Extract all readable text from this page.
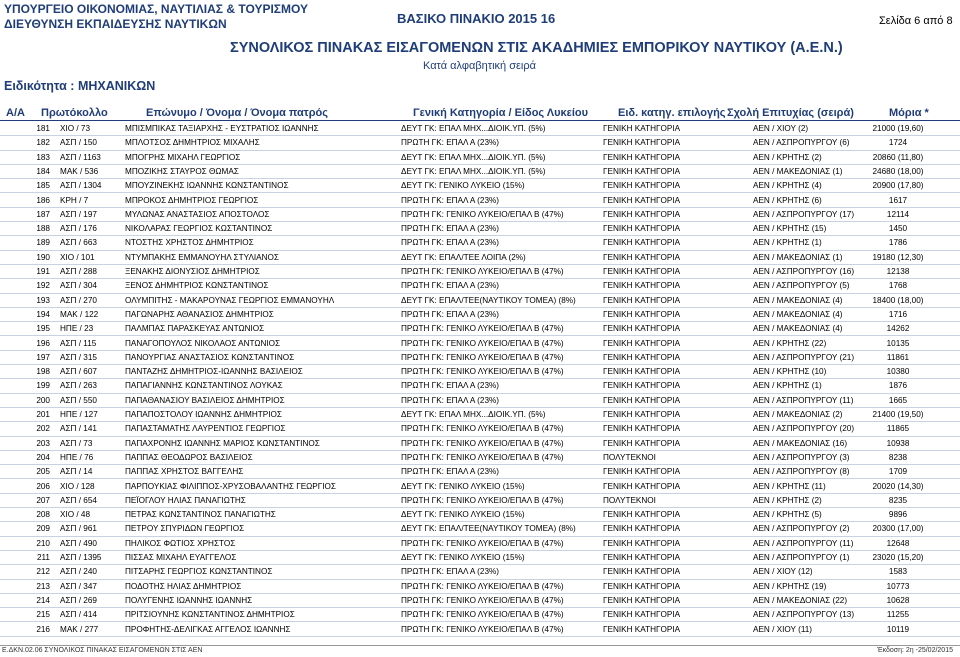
ΥΠΟΥΡΓΕΙΟ ΟΙΚΟΝΟΜΙΑΣ, ΝΑΥΤΙΛΙΑΣ & ΤΟΥΡΙΣΜΟΥ
ΔΙΕΥΘΥΝΣΗ ΕΚΠΑΙΔΕΥΣΗΣ ΝΑΥΤΙΚΩΝ	ΒΑΣΙΚΟ ΠΙΝΑΚΙΟ 2015 16	Σελίδα 6 από 8
ΣΥΝΟΛΙΚΟΣ ΠΙΝΑΚΑΣ ΕΙΣΑΓΟΜΕΝΩΝ ΣΤΙΣ ΑΚΑΔΗΜΙΕΣ ΕΜΠΟΡΙΚΟΥ ΝΑΥΤΙΚΟΥ (Α.Ε.Ν.)
Κατά αλφαβητική σειρά
Ειδικότητα : ΜΗΧΑΝΙΚΩΝ
Α/Α Πρωτόκολλο	Επώνυμο / Όνομα / Όνομα πατρός	Γενική Κατηγορία / Είδος Λυκείου	Ειδ. κατηγ. επιλογής Σχολή Επιτυχίας (σειρά)	Μόρια *
181 ΧΙΟ / 73	ΜΠΙΣΜΠΙΚΑΣ ΤΑΞΙΑΡΧΗΣ - ΕΥΣΤΡΑΤΙΟΣ ΙΩΑΝΝΗΣ	ΔΕΥΤ ΓΚ: ΕΠΑΛ ΜΗΧ...ΔΙΟΙΚ.ΥΠ. (5%)	ΓΕΝΙΚΗ ΚΑΤΗΓΟΡΙΑ	ΑΕΝ / ΧΙΟΥ (2)	21000 (19,60)
182 ΑΣΠ / 150	ΜΠΛΟΤΣΟΣ ΔΗΜΗΤΡΙΟΣ ΜΙΧΑΛΗΣ	ΠΡΩΤΗ ΓΚ: ΕΠΑΛ Α (23%)	ΓΕΝΙΚΗ ΚΑΤΗΓΟΡΙΑ	ΑΕΝ / ΑΣΠΡΟΠΥΡΓΟΥ (6)	1724
183 ΑΣΠ / 1163	ΜΠΟΓΡΗΣ ΜΙΧΑΗΛ ΓΕΩΡΓΙΟΣ	ΔΕΥΤ ΓΚ: ΕΠΑΛ ΜΗΧ...ΔΙΟΙΚ.ΥΠ. (5%)	ΓΕΝΙΚΗ ΚΑΤΗΓΟΡΙΑ	ΑΕΝ / ΚΡΗΤΗΣ (2)	20860 (11,80)
184 ΜΑΚ / 536	ΜΠΟΖΙΚΗΣ ΣΤΑΥΡΟΣ ΘΩΜΑΣ	ΔΕΥΤ ΓΚ: ΕΠΑΛ ΜΗΧ...ΔΙΟΙΚ.ΥΠ. (5%)	ΓΕΝΙΚΗ ΚΑΤΗΓΟΡΙΑ	ΑΕΝ / ΜΑΚΕΔΟΝΙΑΣ (1)	24680 (18,00)
185 ΑΣΠ / 1304	ΜΠΟΥΖΙΝΕΚΗΣ ΙΩΑΝΝΗΣ ΚΩΝΣΤΑΝΤΙΝΟΣ	ΔΕΥΤ ΓΚ: ΓΕΝΙΚΟ ΛΥΚΕΙΟ (15%)	ΓΕΝΙΚΗ ΚΑΤΗΓΟΡΙΑ	ΑΕΝ / ΚΡΗΤΗΣ (4)	20900 (17,80)
186 ΚΡΗ / 7	ΜΠΡΟΚΟΣ ΔΗΜΗΤΡΙΟΣ ΓΕΩΡΓΙΟΣ	ΠΡΩΤΗ ΓΚ: ΕΠΑΛ Α (23%)	ΓΕΝΙΚΗ ΚΑΤΗΓΟΡΙΑ	ΑΕΝ / ΚΡΗΤΗΣ (6)	1617
187 ΑΣΠ / 197	ΜΥΛΩΝΑΣ ΑΝΑΣΤΑΣΙΟΣ ΑΠΟΣΤΟΛΟΣ	ΠΡΩΤΗ ΓΚ: ΓΕΝΙΚΟ ΛΥΚΕΙΟ/ΕΠΑΛ Β (47%)	ΓΕΝΙΚΗ ΚΑΤΗΓΟΡΙΑ	ΑΕΝ / ΑΣΠΡΟΠΥΡΓΟΥ (17)	12114
188 ΑΣΠ / 176	ΝΙΚΟΛΑΡΑΣ ΓΕΩΡΓΙΟΣ ΚΩΣΤΑΝΤΙΝΟΣ	ΠΡΩΤΗ ΓΚ: ΕΠΑΛ Α (23%)	ΓΕΝΙΚΗ ΚΑΤΗΓΟΡΙΑ	ΑΕΝ / ΚΡΗΤΗΣ (15)	1450
189 ΑΣΠ / 663	ΝΤΟΣΤΗΣ ΧΡΗΣΤΟΣ ΔΗΜΗΤΡΙΟΣ	ΠΡΩΤΗ ΓΚ: ΕΠΑΛ Α (23%)	ΓΕΝΙΚΗ ΚΑΤΗΓΟΡΙΑ	ΑΕΝ / ΚΡΗΤΗΣ (1)	1786
190 ΧΙΟ / 101	ΝΤΥΜΠΑΚΗΣ ΕΜΜΑΝΟΥΗΛ ΣΤΥΛΙΑΝΟΣ	ΔΕΥΤ ΓΚ: ΕΠΑΛ/ΤΕΕ ΛΟΙΠΑ (2%)	ΓΕΝΙΚΗ ΚΑΤΗΓΟΡΙΑ	ΑΕΝ / ΜΑΚΕΔΟΝΙΑΣ (1)	19180 (12,30)
191 ΑΣΠ / 288	ΞΕΝΑΚΗΣ ΔΙΟΝΥΣΙΟΣ ΔΗΜΗΤΡΙΟΣ	ΠΡΩΤΗ ΓΚ: ΓΕΝΙΚΟ ΛΥΚΕΙΟ/ΕΠΑΛ Β (47%)	ΓΕΝΙΚΗ ΚΑΤΗΓΟΡΙΑ	ΑΕΝ / ΑΣΠΡΟΠΥΡΓΟΥ (16)	12138
192 ΑΣΠ / 304	ΞΕΝΟΣ ΔΗΜΗΤΡΙΟΣ ΚΩΝΣΤΑΝΤΙΝΟΣ	ΠΡΩΤΗ ΓΚ: ΕΠΑΛ Α (23%)	ΓΕΝΙΚΗ ΚΑΤΗΓΟΡΙΑ	ΑΕΝ / ΑΣΠΡΟΠΥΡΓΟΥ (5)	1768
193 ΑΣΠ / 270	ΟΛΥΜΠΙΤΗΣ - ΜΑΚΑΡΟΥΝΑΣ ΓΕΩΡΓΙΟΣ ΕΜΜΑΝΟΥΗΛ	ΔΕΥΤ ΓΚ: ΕΠΑΛ/ΤΕΕ(ΝΑΥΤΙΚΟΥ ΤΟΜΕΑ) (8%)	ΓΕΝΙΚΗ ΚΑΤΗΓΟΡΙΑ	ΑΕΝ / ΜΑΚΕΔΟΝΙΑΣ (4)	18400 (18,00)
194 ΜΑΚ / 122	ΠΑΓΩΝΑΡΗΣ ΑΘΑΝΑΣΙΟΣ ΔΗΜΗΤΡΙΟΣ	ΠΡΩΤΗ ΓΚ: ΕΠΑΛ Α (23%)	ΓΕΝΙΚΗ ΚΑΤΗΓΟΡΙΑ	ΑΕΝ / ΜΑΚΕΔΟΝΙΑΣ (4)	1716
195 ΗΠΕ / 23	ΠΑΛΜΠΑΣ ΠΑΡΑΣΚΕΥΑΣ ΑΝΤΩΝΙΟΣ	ΠΡΩΤΗ ΓΚ: ΓΕΝΙΚΟ ΛΥΚΕΙΟ/ΕΠΑΛ Β (47%)	ΓΕΝΙΚΗ ΚΑΤΗΓΟΡΙΑ	ΑΕΝ / ΜΑΚΕΔΟΝΙΑΣ (4)	14262
196 ΑΣΠ / 115	ΠΑΝΑΓΟΠΟΥΛΟΣ ΝΙΚΟΛΑΟΣ ΑΝΤΩΝΙΟΣ	ΠΡΩΤΗ ΓΚ: ΓΕΝΙΚΟ ΛΥΚΕΙΟ/ΕΠΑΛ Β (47%)	ΓΕΝΙΚΗ ΚΑΤΗΓΟΡΙΑ	ΑΕΝ / ΚΡΗΤΗΣ (22)	10135
197 ΑΣΠ / 315	ΠΑΝΟΥΡΓΙΑΣ ΑΝΑΣΤΑΣΙΟΣ ΚΩΝΣΤΑΝΤΙΝΟΣ	ΠΡΩΤΗ ΓΚ: ΓΕΝΙΚΟ ΛΥΚΕΙΟ/ΕΠΑΛ Β (47%)	ΓΕΝΙΚΗ ΚΑΤΗΓΟΡΙΑ	ΑΕΝ / ΑΣΠΡΟΠΥΡΓΟΥ (21)	11861
198 ΑΣΠ / 607	ΠΑΝΤΑΖΗΣ ΔΗΜΗΤΡΙΟΣ-ΙΩΑΝΝΗΣ ΒΑΣΙΛΕΙΟΣ	ΠΡΩΤΗ ΓΚ: ΓΕΝΙΚΟ ΛΥΚΕΙΟ/ΕΠΑΛ Β (47%)	ΓΕΝΙΚΗ ΚΑΤΗΓΟΡΙΑ	ΑΕΝ / ΚΡΗΤΗΣ (10)	10380
199 ΑΣΠ / 263	ΠΑΠΑΓΙΑΝΝΗΣ ΚΩΝΣΤΑΝΤΙΝΟΣ ΛΟΥΚΑΣ	ΠΡΩΤΗ ΓΚ: ΕΠΑΛ Α (23%)	ΓΕΝΙΚΗ ΚΑΤΗΓΟΡΙΑ	ΑΕΝ / ΚΡΗΤΗΣ (1)	1876
200 ΑΣΠ / 550	ΠΑΠΑΘΑΝΑΣΙΟΥ ΒΑΣΙΛΕΙΟΣ ΔΗΜΗΤΡΙΟΣ	ΠΡΩΤΗ ΓΚ: ΕΠΑΛ Α (23%)	ΓΕΝΙΚΗ ΚΑΤΗΓΟΡΙΑ	ΑΕΝ / ΑΣΠΡΟΠΥΡΓΟΥ (11)	1665
201 ΗΠΕ / 127	ΠΑΠΑΠΟΣΤΟΛΟΥ ΙΩΑΝΝΗΣ ΔΗΜΗΤΡΙΟΣ	ΔΕΥΤ ΓΚ: ΕΠΑΛ ΜΗΧ...ΔΙΟΙΚ.ΥΠ. (5%)	ΓΕΝΙΚΗ ΚΑΤΗΓΟΡΙΑ	ΑΕΝ / ΜΑΚΕΔΟΝΙΑΣ (2)	21400 (19,50)
202 ΑΣΠ / 141	ΠΑΠΑΣΤΑΜΑΤΗΣ ΛΑΥΡΕΝΤΙΟΣ ΓΕΩΡΓΙΟΣ	ΠΡΩΤΗ ΓΚ: ΓΕΝΙΚΟ ΛΥΚΕΙΟ/ΕΠΑΛ Β (47%)	ΓΕΝΙΚΗ ΚΑΤΗΓΟΡΙΑ	ΑΕΝ / ΑΣΠΡΟΠΥΡΓΟΥ (20)	11865
203 ΑΣΠ / 73	ΠΑΠΑΧΡΟΝΗΣ ΙΩΑΝΝΗΣ ΜΑΡΙΟΣ ΚΩΝΣΤΑΝΤΙΝΟΣ	ΠΡΩΤΗ ΓΚ: ΓΕΝΙΚΟ ΛΥΚΕΙΟ/ΕΠΑΛ Β (47%)	ΓΕΝΙΚΗ ΚΑΤΗΓΟΡΙΑ	ΑΕΝ / ΜΑΚΕΔΟΝΙΑΣ (16)	10938
204 ΗΠΕ / 76	ΠΑΠΠΑΣ ΘΕΟΔΩΡΟΣ ΒΑΣΙΛΕΙΟΣ	ΠΡΩΤΗ ΓΚ: ΓΕΝΙΚΟ ΛΥΚΕΙΟ/ΕΠΑΛ Β (47%)	ΠΟΛΥΤΕΚΝΟΙ	ΑΕΝ / ΑΣΠΡΟΠΥΡΓΟΥ (3)	8238
205 ΑΣΠ / 14	ΠΑΠΠΑΣ ΧΡΗΣΤΟΣ ΒΑΓΓΕΛΗΣ	ΠΡΩΤΗ ΓΚ: ΕΠΑΛ Α (23%)	ΓΕΝΙΚΗ ΚΑΤΗΓΟΡΙΑ	ΑΕΝ / ΑΣΠΡΟΠΥΡΓΟΥ (8)	1709
206 ΧΙΟ / 128	ΠΑΡΠΟΥΚΙΑΣ ΦΙΛΙΠΠΟΣ-ΧΡΥΣΟΒΑΛΑΝΤΗΣ ΓΕΩΡΓΙΟΣ	ΔΕΥΤ ΓΚ: ΓΕΝΙΚΟ ΛΥΚΕΙΟ (15%)	ΓΕΝΙΚΗ ΚΑΤΗΓΟΡΙΑ	ΑΕΝ / ΚΡΗΤΗΣ (11)	20020 (14,30)
207 ΑΣΠ / 654	ΠΕΪΟΓΛΟΥ ΗΛΙΑΣ ΠΑΝΑΓΙΩΤΗΣ	ΠΡΩΤΗ ΓΚ: ΓΕΝΙΚΟ ΛΥΚΕΙΟ/ΕΠΑΛ Β (47%)	ΠΟΛΥΤΕΚΝΟΙ	ΑΕΝ / ΚΡΗΤΗΣ (2)	8235
208 ΧΙΟ / 48	ΠΕΤΡΑΣ ΚΩΝΣΤΑΝΤΙΝΟΣ ΠΑΝΑΓΙΩΤΗΣ	ΔΕΥΤ ΓΚ: ΓΕΝΙΚΟ ΛΥΚΕΙΟ (15%)	ΓΕΝΙΚΗ ΚΑΤΗΓΟΡΙΑ	ΑΕΝ / ΚΡΗΤΗΣ (5)	9896
209 ΑΣΠ / 961	ΠΕΤΡΟΥ ΣΠΥΡΙΔΩΝ ΓΕΩΡΓΙΟΣ	ΔΕΥΤ ΓΚ: ΕΠΑΛ/ΤΕΕ(ΝΑΥΤΙΚΟΥ ΤΟΜΕΑ) (8%)	ΓΕΝΙΚΗ ΚΑΤΗΓΟΡΙΑ	ΑΕΝ / ΑΣΠΡΟΠΥΡΓΟΥ (2)	20300 (17,00)
210 ΑΣΠ / 490	ΠΗΛΙΚΟΣ ΦΩΤΙΟΣ ΧΡΗΣΤΟΣ	ΠΡΩΤΗ ΓΚ: ΓΕΝΙΚΟ ΛΥΚΕΙΟ/ΕΠΑΛ Β (47%)	ΓΕΝΙΚΗ ΚΑΤΗΓΟΡΙΑ	ΑΕΝ / ΑΣΠΡΟΠΥΡΓΟΥ (11)	12648
211 ΑΣΠ / 1395	ΠΙΣΣΑΣ ΜΙΧΑΗΛ ΕΥΑΓΓΕΛΟΣ	ΔΕΥΤ ΓΚ: ΓΕΝΙΚΟ ΛΥΚΕΙΟ (15%)	ΓΕΝΙΚΗ ΚΑΤΗΓΟΡΙΑ	ΑΕΝ / ΑΣΠΡΟΠΥΡΓΟΥ (1)	23020 (15,20)
212 ΑΣΠ / 240	ΠΙΤΣΑΡΗΣ ΓΕΩΡΓΙΟΣ ΚΩΝΣΤΑΝΤΙΝΟΣ	ΠΡΩΤΗ ΓΚ: ΕΠΑΛ Α (23%)	ΓΕΝΙΚΗ ΚΑΤΗΓΟΡΙΑ	ΑΕΝ / ΧΙΟΥ (12)	1583
213 ΑΣΠ / 347	ΠΟΔΟΤΗΣ ΗΛΙΑΣ ΔΗΜΗΤΡΙΟΣ	ΠΡΩΤΗ ΓΚ: ΓΕΝΙΚΟ ΛΥΚΕΙΟ/ΕΠΑΛ Β (47%)	ΓΕΝΙΚΗ ΚΑΤΗΓΟΡΙΑ	ΑΕΝ / ΚΡΗΤΗΣ (19)	10773
214 ΑΣΠ / 269	ΠΟΛΥΓΕΝΗΣ ΙΩΑΝΝΗΣ ΙΩΑΝΝΗΣ	ΠΡΩΤΗ ΓΚ: ΓΕΝΙΚΟ ΛΥΚΕΙΟ/ΕΠΑΛ Β (47%)	ΓΕΝΙΚΗ ΚΑΤΗΓΟΡΙΑ	ΑΕΝ / ΜΑΚΕΔΟΝΙΑΣ (22)	10628
215 ΑΣΠ / 414	ΠΡΙΤΣΙΟΥΝΗΣ ΚΩΝΣΤΑΝΤΙΝΟΣ ΔΗΜΗΤΡΙΟΣ	ΠΡΩΤΗ ΓΚ: ΓΕΝΙΚΟ ΛΥΚΕΙΟ/ΕΠΑΛ Β (47%)	ΓΕΝΙΚΗ ΚΑΤΗΓΟΡΙΑ	ΑΕΝ / ΑΣΠΡΟΠΥΡΓΟΥ (13)	11255
216 ΜΑΚ / 277	ΠΡΟΦΗΤΗΣ-ΔΕΛΙΓΚΑΣ ΑΓΓΕΛΟΣ ΙΩΑΝΝΗΣ	ΠΡΩΤΗ ΓΚ: ΓΕΝΙΚΟ ΛΥΚΕΙΟ/ΕΠΑΛ Β (47%)	ΓΕΝΙΚΗ ΚΑΤΗΓΟΡΙΑ	ΑΕΝ / ΧΙΟΥ (11)	10119
Ε.ΔΚΝ.02.06 ΣΥΝΟΛΙΚΟΣ ΠΙΝΑΚΑΣ ΕΙΣΑΓΟΜΕΝΩΝ ΣΤΙΣ ΑΕΝ	Έκδοση: 2η -25/02/2015
